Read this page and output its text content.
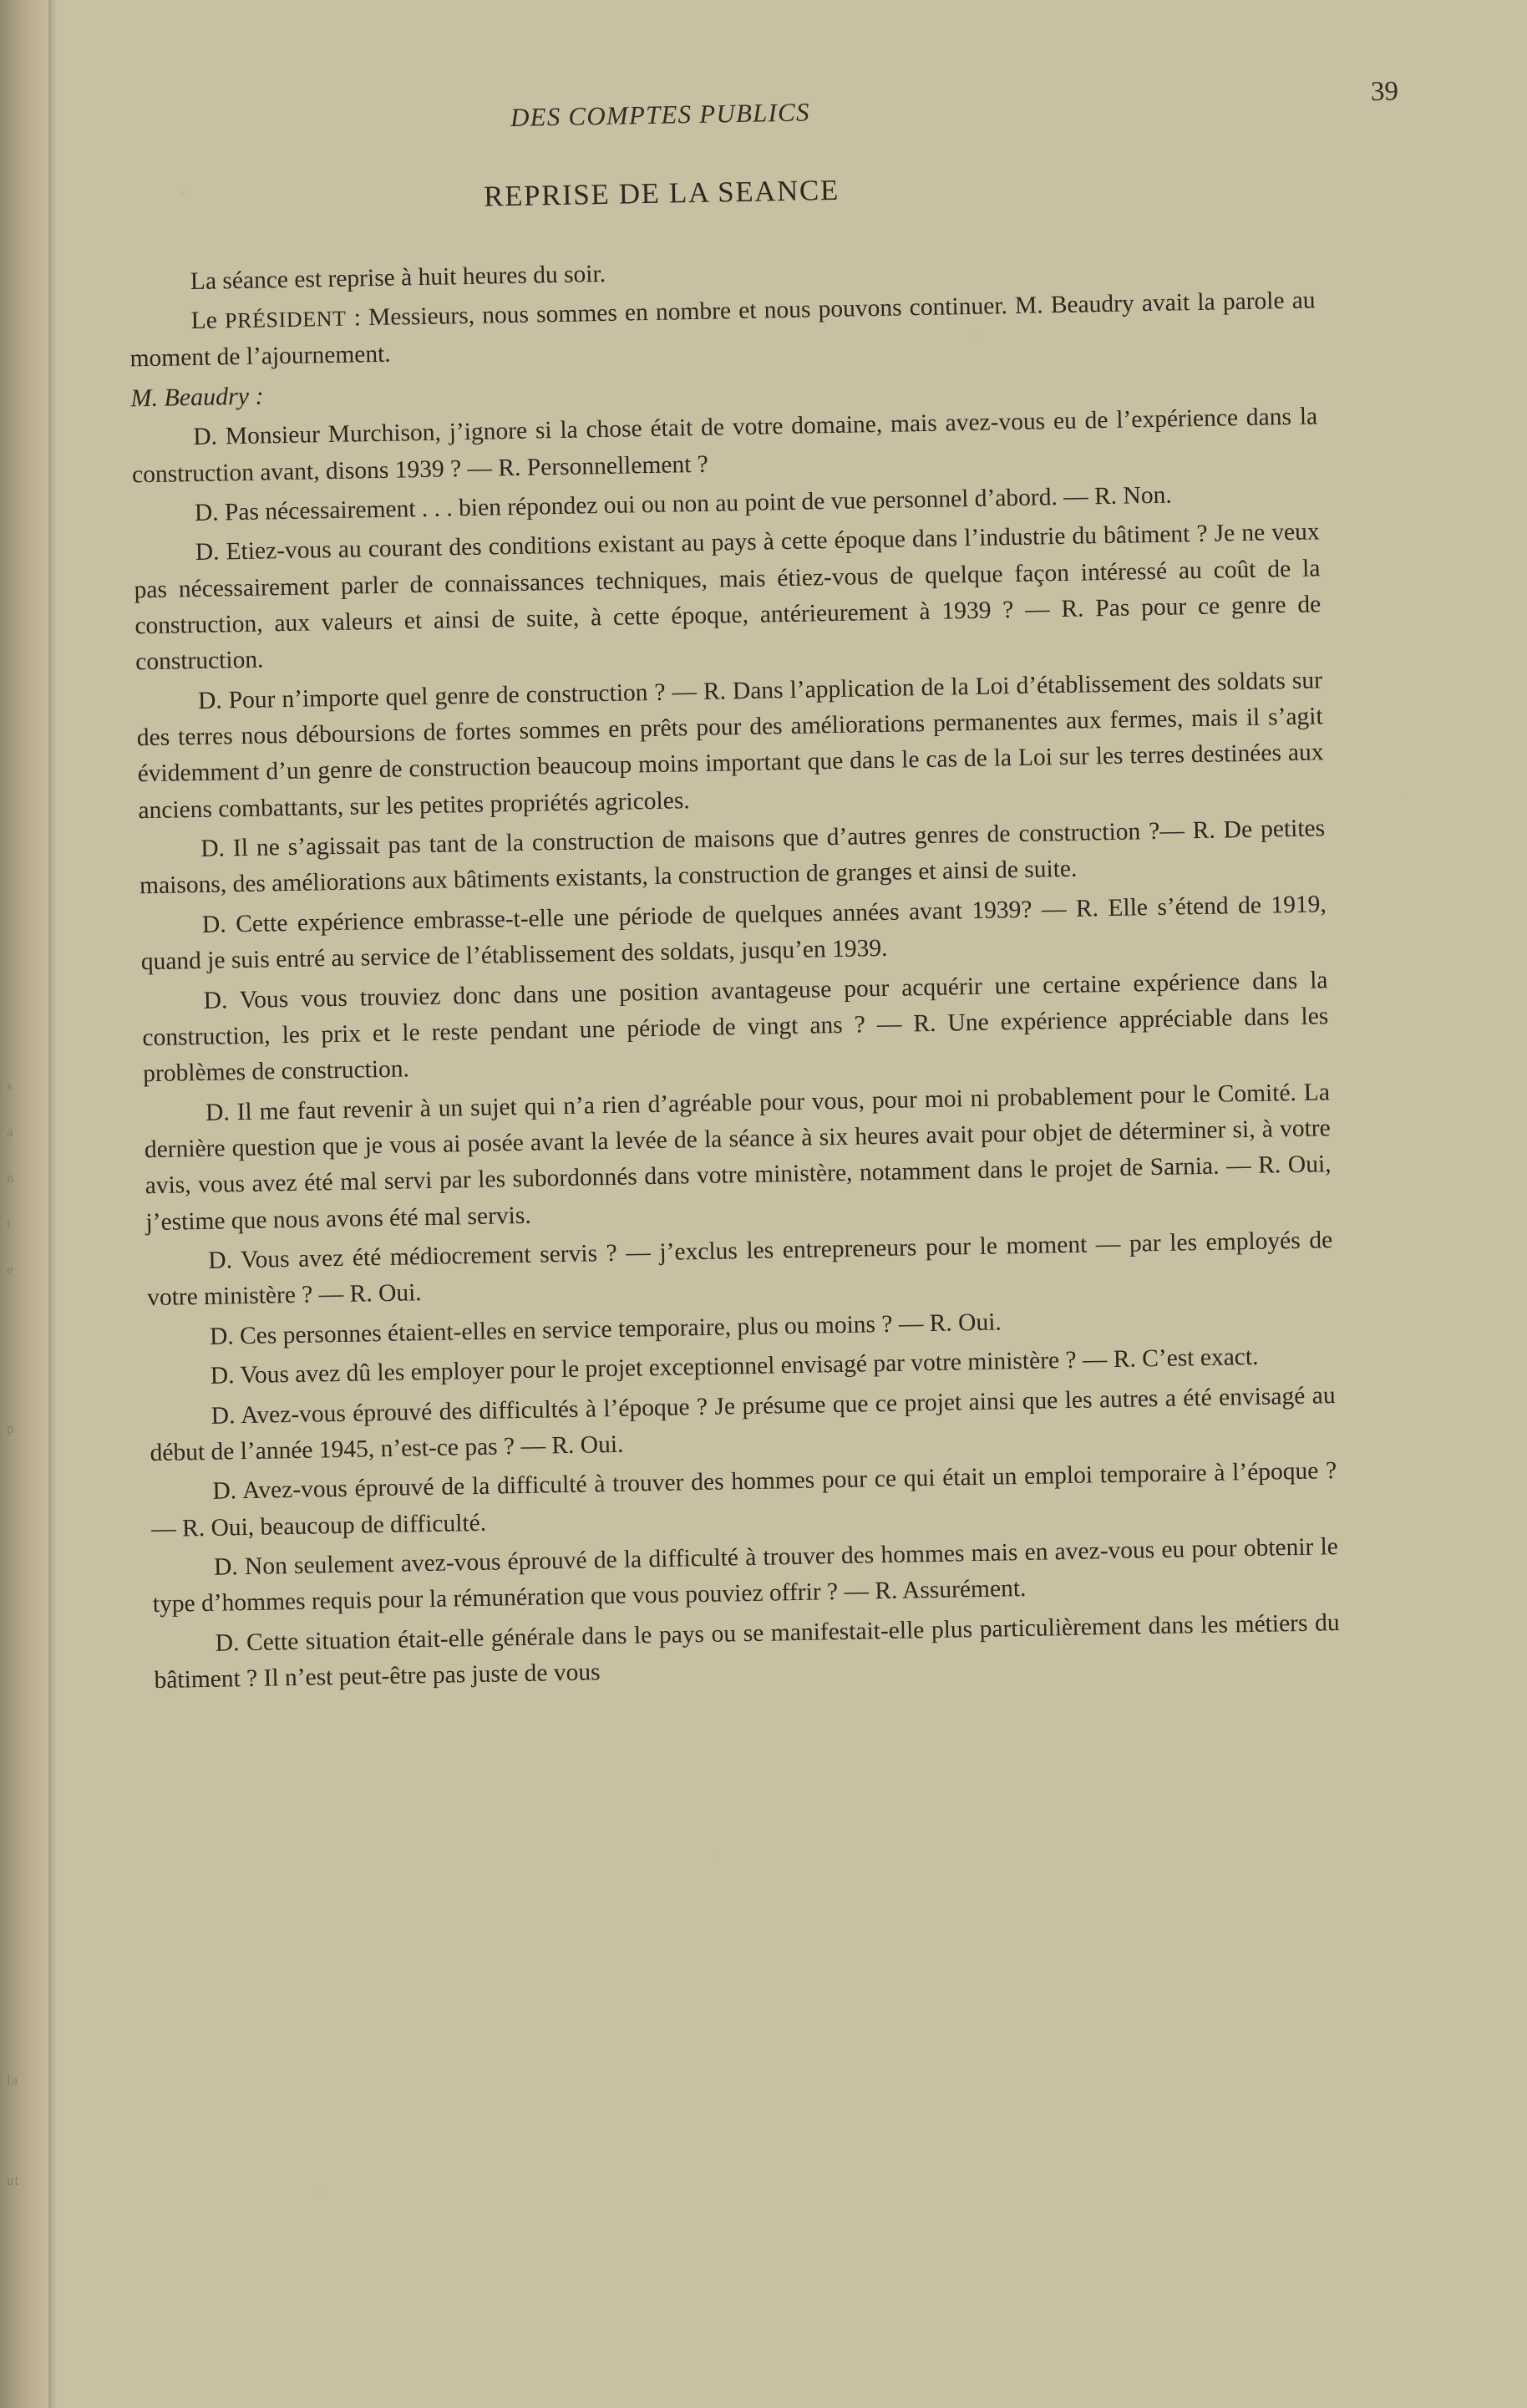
s
a
n
t
e
p
la
ut
DES COMPTES PUBLICS
39
REPRISE DE LA SEANCE

La séance est reprise à huit heures du soir.

Le PRÉSIDENT : Messieurs, nous sommes en nombre et nous pouvons continuer. M. Beaudry avait la parole au moment de l’ajournement.

M. Beaudry :

D. Monsieur Murchison, j’ignore si la chose était de votre domaine, mais avez-vous eu de l’expérience dans la construction avant, disons 1939 ? — R. Personnellement ?

D. Pas nécessairement . . . bien répondez oui ou non au point de vue personnel d’abord. — R. Non.

D. Etiez-vous au courant des conditions existant au pays à cette époque dans l’industrie du bâtiment ? Je ne veux pas nécessairement parler de connaissances techniques, mais étiez-vous de quelque façon intéressé au coût de la construction, aux valeurs et ainsi de suite, à cette époque, antérieurement à 1939 ? — R. Pas pour ce genre de construction.

D. Pour n’importe quel genre de construction ? — R. Dans l’application de la Loi d’établissement des soldats sur des terres nous déboursions de fortes sommes en prêts pour des améliorations permanentes aux fermes, mais il s’agit évidemment d’un genre de construction beaucoup moins important que dans le cas de la Loi sur les terres destinées aux anciens combattants, sur les petites propriétés agricoles.

D. Il ne s’agissait pas tant de la construction de maisons que d’autres genres de construction ?— R. De petites maisons, des améliorations aux bâtiments existants, la construction de granges et ainsi de suite.

D. Cette expérience embrasse-t-elle une période de quelques années avant 1939? — R. Elle s’étend de 1919, quand je suis entré au service de l’établissement des soldats, jusqu’en 1939.

D. Vous vous trouviez donc dans une position avantageuse pour acquérir une certaine expérience dans la construction, les prix et le reste pendant une période de vingt ans ? — R. Une expérience appréciable dans les problèmes de construction.

D. Il me faut revenir à un sujet qui n’a rien d’agréable pour vous, pour moi ni probablement pour le Comité. La dernière question que je vous ai posée avant la levée de la séance à six heures avait pour objet de déterminer si, à votre avis, vous avez été mal servi par les subordonnés dans votre ministère, notamment dans le projet de Sarnia. — R. Oui, j’estime que nous avons été mal servis.

D. Vous avez été médiocrement servis ? — j’exclus les entrepreneurs pour le moment — par les employés de votre ministère ? — R. Oui.

D. Ces personnes étaient-elles en service temporaire, plus ou moins ? — R. Oui.

D. Vous avez dû les employer pour le projet exceptionnel envisagé par votre ministère ? — R. C’est exact.

D. Avez-vous éprouvé des difficultés à l’époque ? Je présume que ce projet ainsi que les autres a été envisagé au début de l’année 1945, n’est-ce pas ? — R. Oui.

D. Avez-vous éprouvé de la difficulté à trouver des hommes pour ce qui était un emploi temporaire à l’époque ? — R. Oui, beaucoup de difficulté.

D. Non seulement avez-vous éprouvé de la difficulté à trouver des hommes mais en avez-vous eu pour obtenir le type d’hommes requis pour la rémunération que vous pouviez offrir ? — R. Assurément.

D. Cette situation était-elle générale dans le pays ou se manifestait-elle plus particulièrement dans les métiers du bâtiment ? Il n’est peut-être pas juste de vous
